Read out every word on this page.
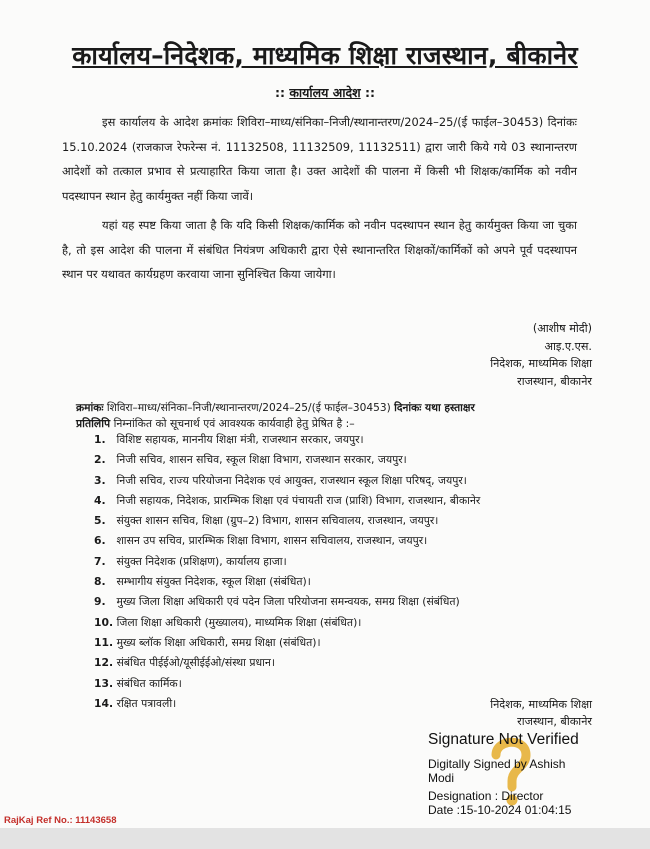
कार्यालय–निदेशक, माध्यमिक शिक्षा राजस्थान, बीकानेर
:: कार्यालय आदेश ::
इस कार्यालय के आदेश क्रमांकः शिविरा–माध्य/संनिका–निजी/स्थानान्तरण/2024–25/(ई फाईल–30453) दिनांकः 15.10.2024 (राजकाज रेफरेन्स नं. 11132508, 11132509, 11132511) द्वारा जारी किये गये 03 स्थानान्तरण आदेशों को तत्काल प्रभाव से प्रत्याहारित किया जाता है। उक्त आदेशों की पालना में किसी भी शिक्षक/कार्मिक को नवीन पदस्थापन स्थान हेतु कार्यमुक्त नहीं किया जावें।
यहां यह स्पष्ट किया जाता है कि यदि किसी शिक्षक/कार्मिक को नवीन पदस्थापन स्थान हेतु कार्यमुक्त किया जा चुका है, तो इस आदेश की पालना में संबंधित नियंत्रण अधिकारी द्वारा ऐसे स्थानान्तरित शिक्षकों/कार्मिकों को अपने पूर्व पदस्थापन स्थान पर यथावत कार्यग्रहण करवाया जाना सुनिश्चित किया जायेगा।
(आशीष मोदी)
आइ.ए.एस.
निदेशक, माध्यमिक शिक्षा
राजस्थान, बीकानेर
क्रमांकः शिविरा–माध्य/संनिका–निजी/स्थानान्तरण/2024–25/(ई फाईल–30453) दिनांकः यथा हस्ताक्षर
प्रतिलिपि निम्नांकित को सूचनार्थ एवं आवश्यक कार्यवाही हेतु प्रेषित है :–
1. विशिष्ट सहायक, माननीय शिक्षा मंत्री, राजस्थान सरकार, जयपुर।
2. निजी सचिव, शासन सचिव, स्कूल शिक्षा विभाग, राजस्थान सरकार, जयपुर।
3. निजी सचिव, राज्य परियोजना निदेशक एवं आयुक्त, राजस्थान स्कूल शिक्षा परिषद्, जयपुर।
4. निजी सहायक, निदेशक, प्रारम्भिक शिक्षा एवं पंचायती राज (प्राशि) विभाग, राजस्थान, बीकानेर
5. संयुक्त शासन सचिव, शिक्षा (ग्रुप–2) विभाग, शासन सचिवालय, राजस्थान, जयपुर।
6. शासन उप सचिव, प्रारम्भिक शिक्षा विभाग, शासन सचिवालय, राजस्थान, जयपुर।
7. संयुक्त निदेशक (प्रशिक्षण), कार्यालय हाजा।
8. सम्भागीय संयुक्त निदेशक, स्कूल शिक्षा (संबंधित)।
9. मुख्य जिला शिक्षा अधिकारी एवं पदेन जिला परियोजना समन्वयक, समग्र शिक्षा (संबंधित)
10. जिला शिक्षा अधिकारी (मुख्यालय), माध्यमिक शिक्षा (संबंधित)।
11. मुख्य ब्लॉक शिक्षा अधिकारी, समग्र शिक्षा (संबंधित)।
12. संबंधित पीईईओ/यूसीईईओ/संस्था प्रधान।
13. संबंधित कार्मिक।
14. रक्षित पत्रावली।	निदेशक, माध्यमिक शिक्षा
राजस्थान, बीकानेर
Signature Not Verified
Digitally Signed by Ashish
Modi
Designation : Director
Date :15-10-2024 01:04:15
RajKaj Ref No.: 11143658
